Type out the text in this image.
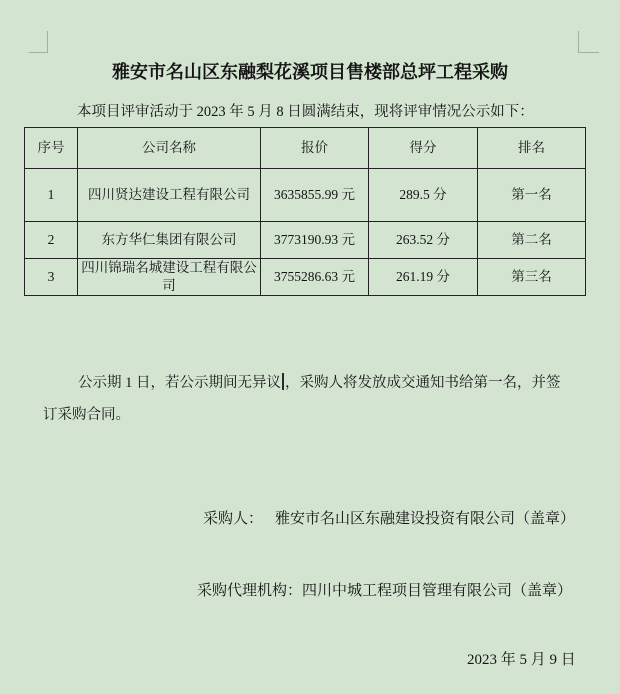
雅安市名山区东融梨花溪项目售楼部总坪工程采购

本项目评审活动于 2023 年 5 月 8 日圆满结束，现将评审情况公示如下：

序号	公司名称	报价	得分	排名
1	四川贤达建设工程有限公司	3635855.99 元	289.5 分	第一名
2	东方华仁集团有限公司	3773190.93 元	263.52 分	第二名
3	四川锦瑞名城建设工程有限公司	3755286.63 元	261.19 分	第三名

公示期 1 日，若公示期间无异议 ，采购人将发放成交通知书给第一名，并签

订采购合同。

采购人： 雅安市名山区东融建设投资有限公司（盖章）

采购代理机构： 四川中城工程项目管理有限公司（盖章）

2023 年 5 月 9 日
